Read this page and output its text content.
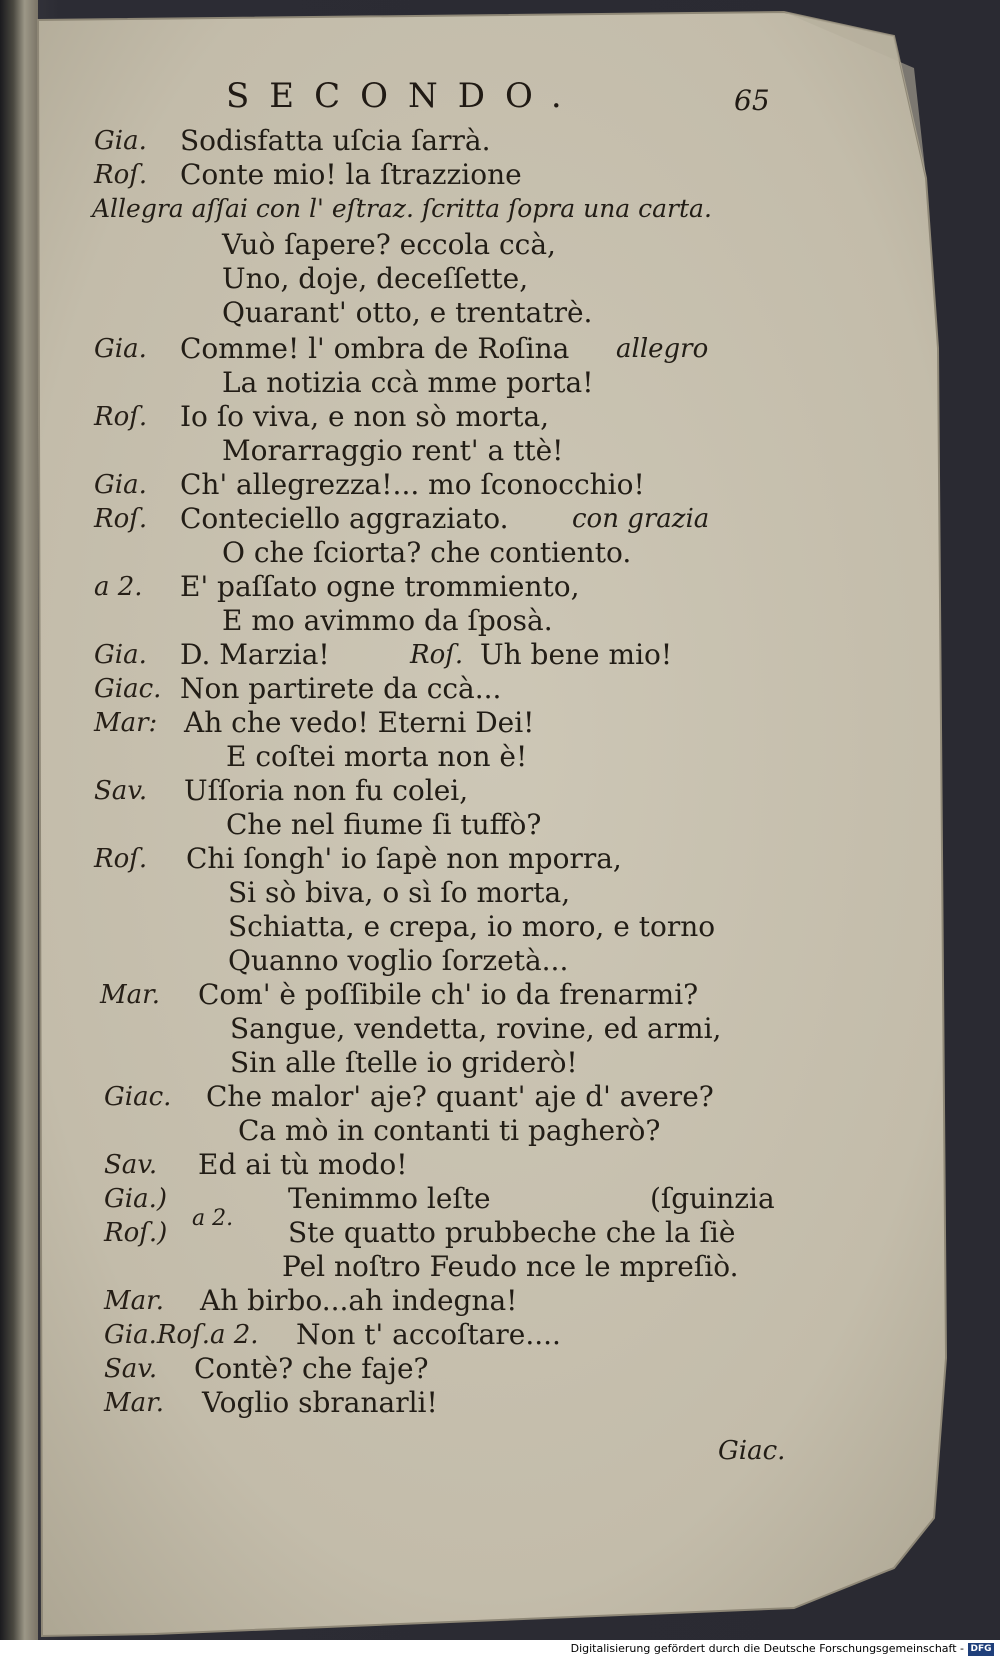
SECONDO.	65
Gia. Sodisfatta uſcia ſarrà.
Roſ. Conte mio! la ſtrazzione
Allegra aſſai con l' eſtraz. ſcritta ſopra una carta.
Vuò ſapere? eccola ccà,
Uno, doje, deceſſette,
Quarant' otto, e trentatrè.
Gia. Comme! l' ombra de Roſina allegro
La notizia ccà mme porta!
Roſ. Io ſo viva, e non sò morta,
Morarraggio rent' a ttè!
Gia. Ch' allegrezza!... mo ſconocchio!
Roſ. Conteciello aggraziato. con grazia
O che ſciorta? che contiento.
a 2. E' paſſato ogne trommiento,
E mo avimmo da ſposà.
Gia. D. Marzia!	Roſ. Uh bene mio!
Giac. Non partirete da ccà...
Mar: Ah che vedo! Eterni Dei!
E coſtei morta non è!
Sav. Uſſoria non fu colei,
Che nel fiume ſi tuffò?
Roſ. Chi ſongh' io ſapè non mporra,
Si sò biva, o sì ſo morta,
Schiatta, e crepa, io moro, e torno
Quanno voglio ſorzetà...
Mar. Com' è poſſibile ch' io da frenarmi?
Sangue, vendetta, rovine, ed armi,
Sin alle ſtelle io griderò!
Giac. Che malor' aje? quant' aje d' avere?
Ca mò in contanti ti pagherò?
Sav. Ed ai tù modo!
Gia.)	Tenimmo leſte	(ſguinzia
Roſ.) a 2. Ste quatto prubbeche che la ſiè
Pel noſtro Feudo nce le mpreſiò.
Mar. Ah birbo...ah indegna!
Gia.Roſ.a 2. Non t' accoſtare....
Sav. Contè? che faje?
Mar. Voglio sbranarli!
Giac.
Digitalisierung gefördert durch die Deutsche Forschungsgemeinschaft - DFG
